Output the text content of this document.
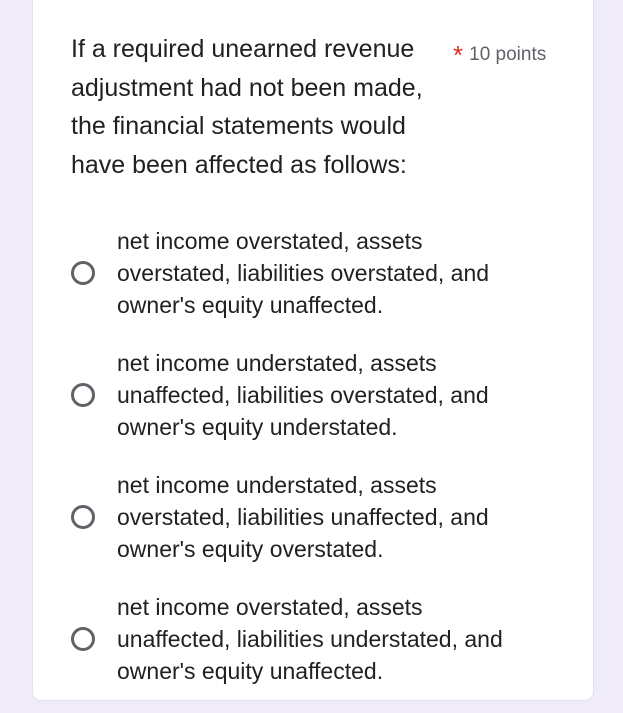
If a required unearned revenue adjustment had not been made, the financial statements would have been affected as follows:
* 10 points
net income overstated, assets overstated, liabilities overstated, and owner's equity unaffected.
net income understated, assets unaffected, liabilities overstated, and owner's equity understated.
net income understated, assets overstated, liabilities unaffected, and owner's equity overstated.
net income overstated, assets unaffected, liabilities understated, and owner's equity unaffected.
